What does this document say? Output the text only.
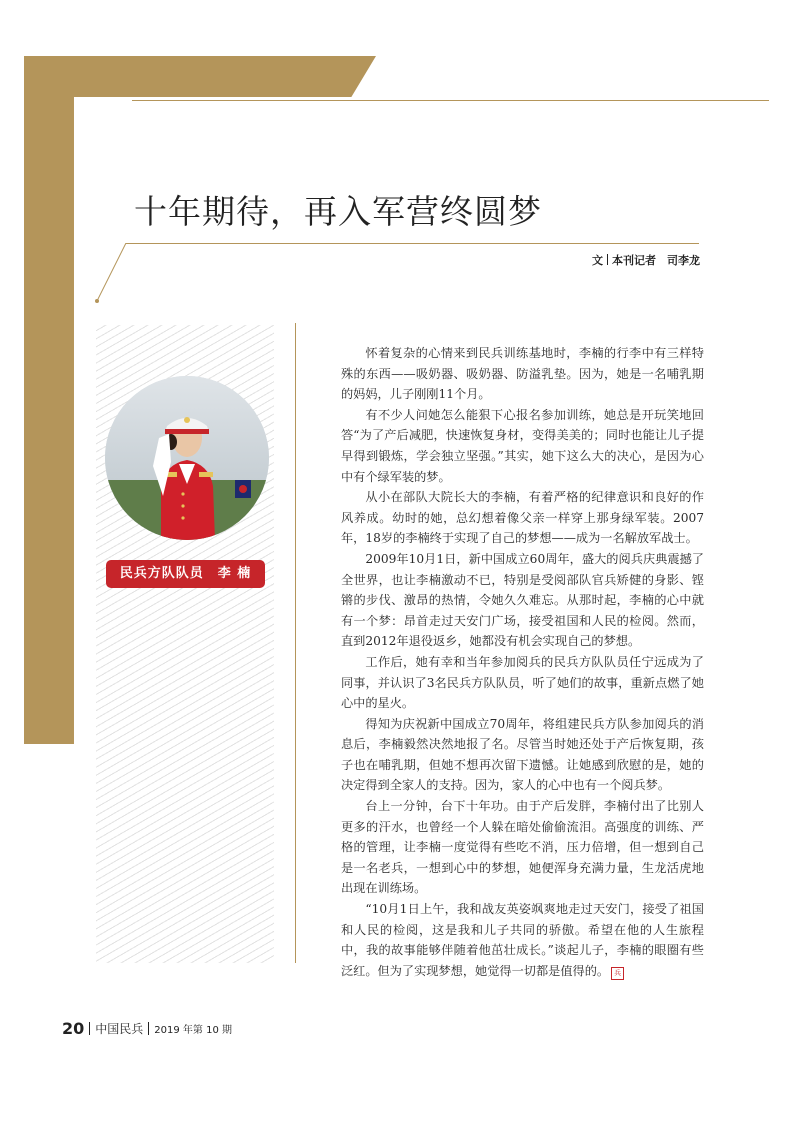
十年期待，再入军营终圆梦
文 本刊记者　司李龙
民兵方队队员　李 楠

怀着复杂的心情来到民兵训练基地时，李楠的行李中有三样特殊的东西——吸奶器、吸奶器、防溢乳垫。因为，她是一名哺乳期的妈妈，儿子刚刚11个月。

有不少人问她怎么能狠下心报名参加训练，她总是开玩笑地回答“为了产后减肥，快速恢复身材，变得美美的；同时也能让儿子提早得到锻炼，学会独立坚强。”其实，她下这么大的决心，是因为心中有个绿军装的梦。

从小在部队大院长大的李楠，有着严格的纪律意识和良好的作风养成。幼时的她，总幻想着像父亲一样穿上那身绿军装。2007年，18岁的李楠终于实现了自己的梦想——成为一名解放军战士。

2009年10月1日，新中国成立60周年，盛大的阅兵庆典震撼了全世界，也让李楠激动不已，特别是受阅部队官兵矫健的身影、铿锵的步伐、激昂的热情，令她久久难忘。从那时起，李楠的心中就有一个梦：昂首走过天安门广场，接受祖国和人民的检阅。然而，直到2012年退役返乡，她都没有机会实现自己的梦想。

工作后，她有幸和当年参加阅兵的民兵方队队员任宁远成为了同事，并认识了3名民兵方队队员，听了她们的故事，重新点燃了她心中的星火。

得知为庆祝新中国成立70周年，将组建民兵方队参加阅兵的消息后，李楠毅然决然地报了名。尽管当时她还处于产后恢复期，孩子也在哺乳期，但她不想再次留下遗憾。让她感到欣慰的是，她的决定得到全家人的支持。因为，家人的心中也有一个阅兵梦。

台上一分钟，台下十年功。由于产后发胖，李楠付出了比别人更多的汗水，也曾经一个人躲在暗处偷偷流泪。高强度的训练、严格的管理，让李楠一度觉得有些吃不消，压力倍增，但一想到自己是一名老兵，一想到心中的梦想，她便浑身充满力量，生龙活虎地出现在训练场。

“10月1日上午，我和战友英姿飒爽地走过天安门，接受了祖国和人民的检阅，这是我和儿子共同的骄傲。希望在他的人生旅程中，我的故事能够伴随着他茁壮成长。”谈起儿子，李楠的眼圈有些泛红。但为了实现梦想，她觉得一切都是值得的。 兵

20 中国民兵 2019 年第 10 期
